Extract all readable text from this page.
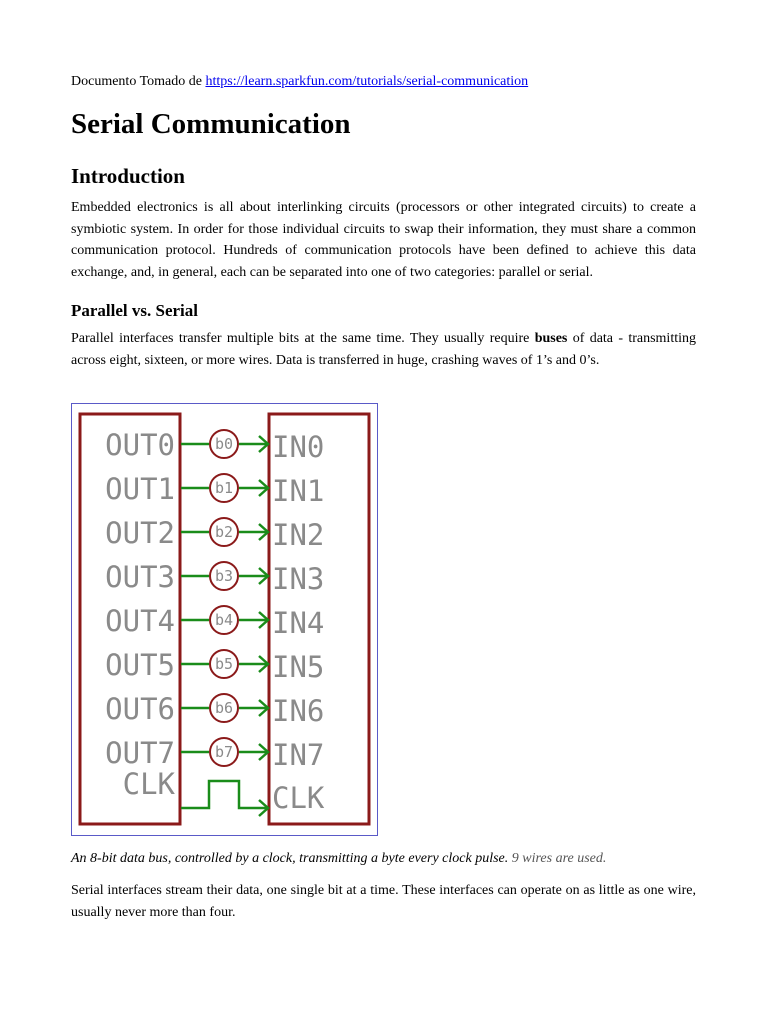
Documento Tomado de https://learn.sparkfun.com/tutorials/serial-communication
Serial Communication
Introduction

Embedded electronics is all about interlinking circuits (processors or other integrated circuits) to create a symbiotic system. In order for those individual circuits to swap their information, they must share a common communication protocol. Hundreds of communication protocols have been defined to achieve this data exchange, and, in general, each can be separated into one of two categories: parallel or serial.

Parallel vs. Serial

Parallel interfaces transfer multiple bits at the same time. They usually require buses of data - transmitting across eight, sixteen, or more wires. Data is transferred in huge, crashing waves of 1’s and 0’s.

OUT0	b0 IN0
OUT1	b1 IN1
OUT2	b2 IN2
OUT3	b3 IN3
OUT4	b4 IN4
OUT5	b5 IN5
OUT6	b6 IN6
OUT7	b7 IN7
CLK	CLK
An 8-bit data bus, controlled by a clock, transmitting a byte every clock pulse. 9 wires are used.

Serial interfaces stream their data, one single bit at a time. These interfaces can operate on as little as one wire, usually never more than four.
